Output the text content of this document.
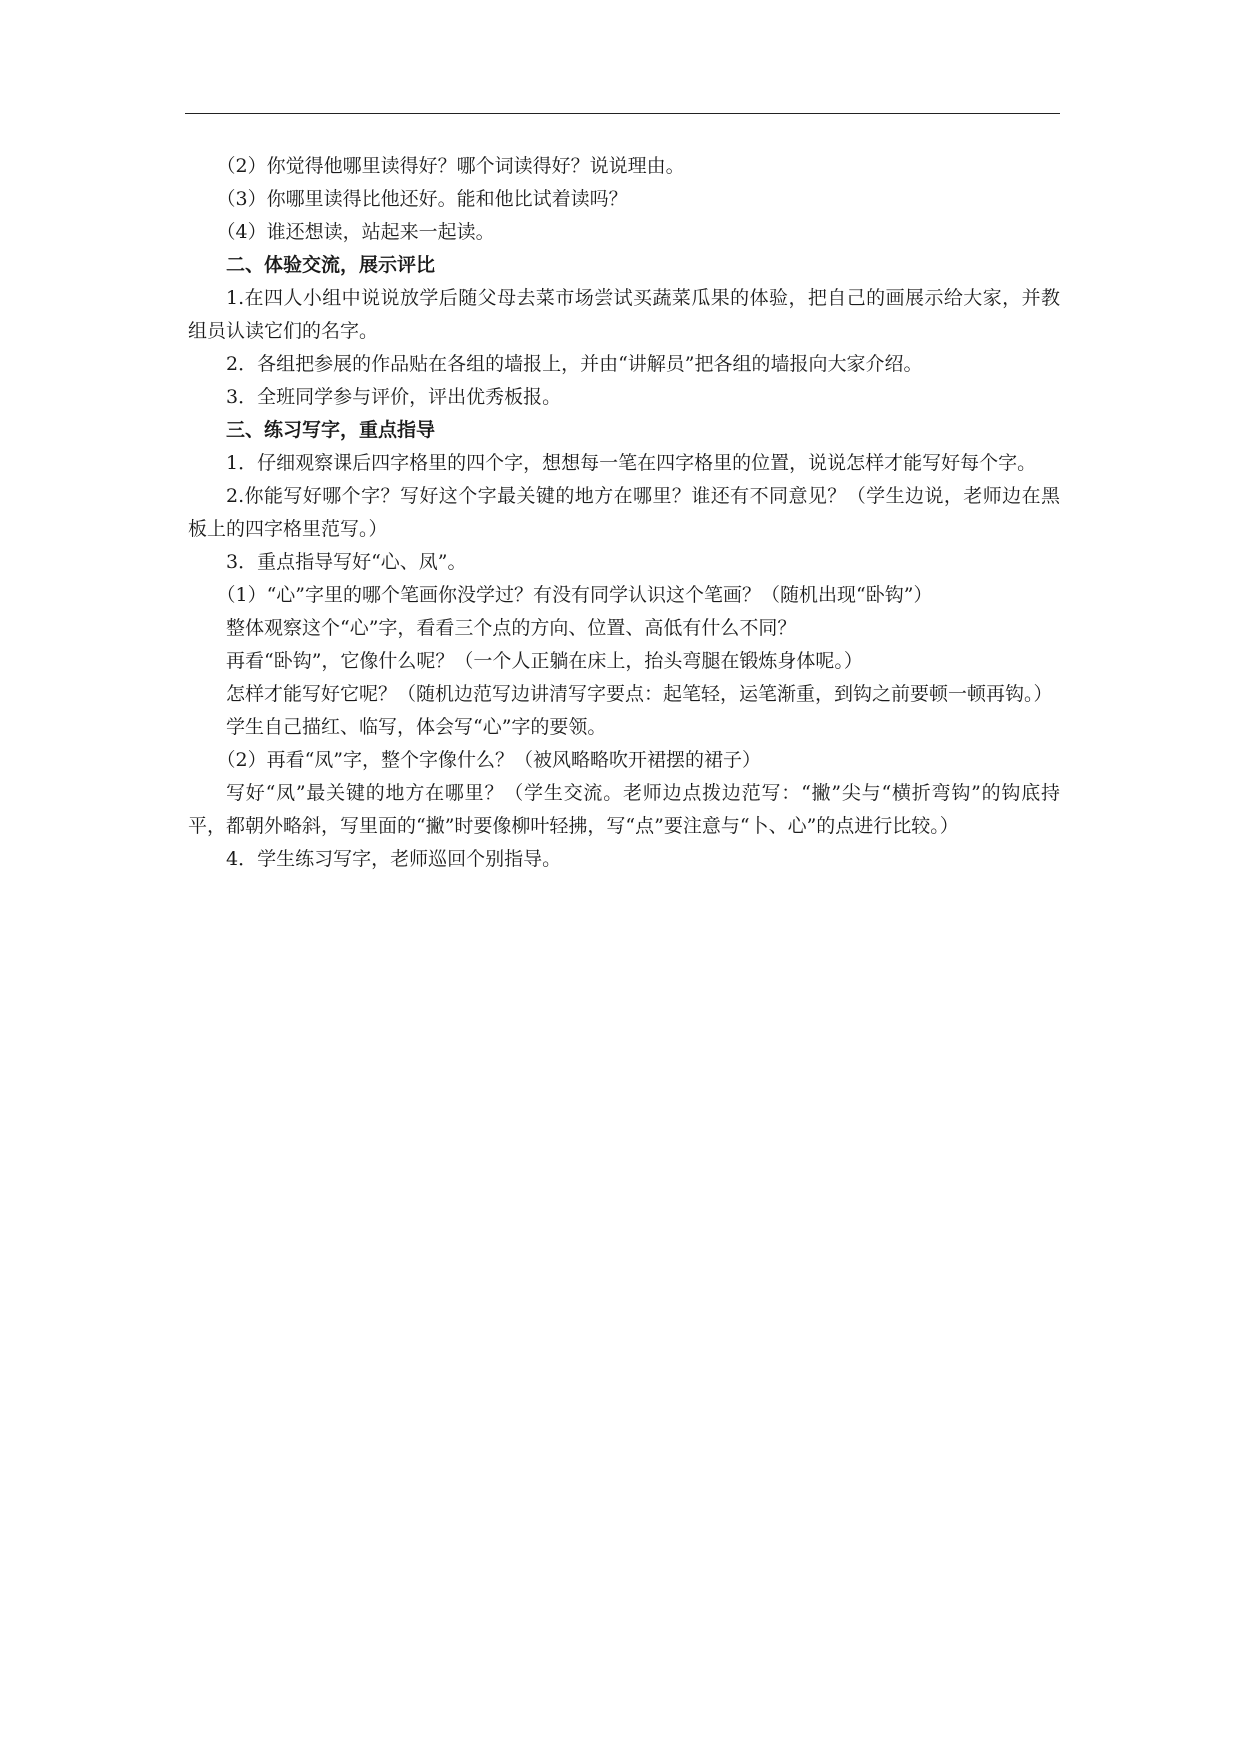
（2）你觉得他哪里读得好？哪个词读得好？说说理由。

（3）你哪里读得比他还好。能和他比试着读吗？

（4）谁还想读，站起来一起读。

二、体验交流，展示评比

1.在四人小组中说说放学后随父母去菜市场尝试买蔬菜瓜果的体验，把自己的画展示给大家，并教组员认读它们的名字。

2．各组把参展的作品贴在各组的墙报上，并由“讲解员”把各组的墙报向大家介绍。

3．全班同学参与评价，评出优秀板报。

三、练习写字，重点指导

1．仔细观察课后四字格里的四个字，想想每一笔在四字格里的位置，说说怎样才能写好每个字。

2.你能写好哪个字？写好这个字最关键的地方在哪里？谁还有不同意见？（学生边说，老师边在黑板上的四字格里范写。）

3．重点指导写好“心、凤”。

（1）“心”字里的哪个笔画你没学过？有没有同学认识这个笔画？（随机出现“卧钩”）

整体观察这个“心”字，看看三个点的方向、位置、高低有什么不同？

再看“卧钩”，它像什么呢？（一个人正躺在床上，抬头弯腿在锻炼身体呢。）

怎样才能写好它呢？（随机边范写边讲清写字要点：起笔轻，运笔渐重，到钩之前要顿一顿再钩。）

学生自己描红、临写，体会写“心”字的要领。

（2）再看“凤”字，整个字像什么？（被风略略吹开裙摆的裙子）

写好“凤”最关键的地方在哪里？（学生交流。老师边点拨边范写：“撇”尖与“横折弯钩”的钩底持平，都朝外略斜，写里面的“撇”时要像柳叶轻拂，写“点”要注意与“卜、心”的点进行比较。）

4．学生练习写字，老师巡回个别指导。
